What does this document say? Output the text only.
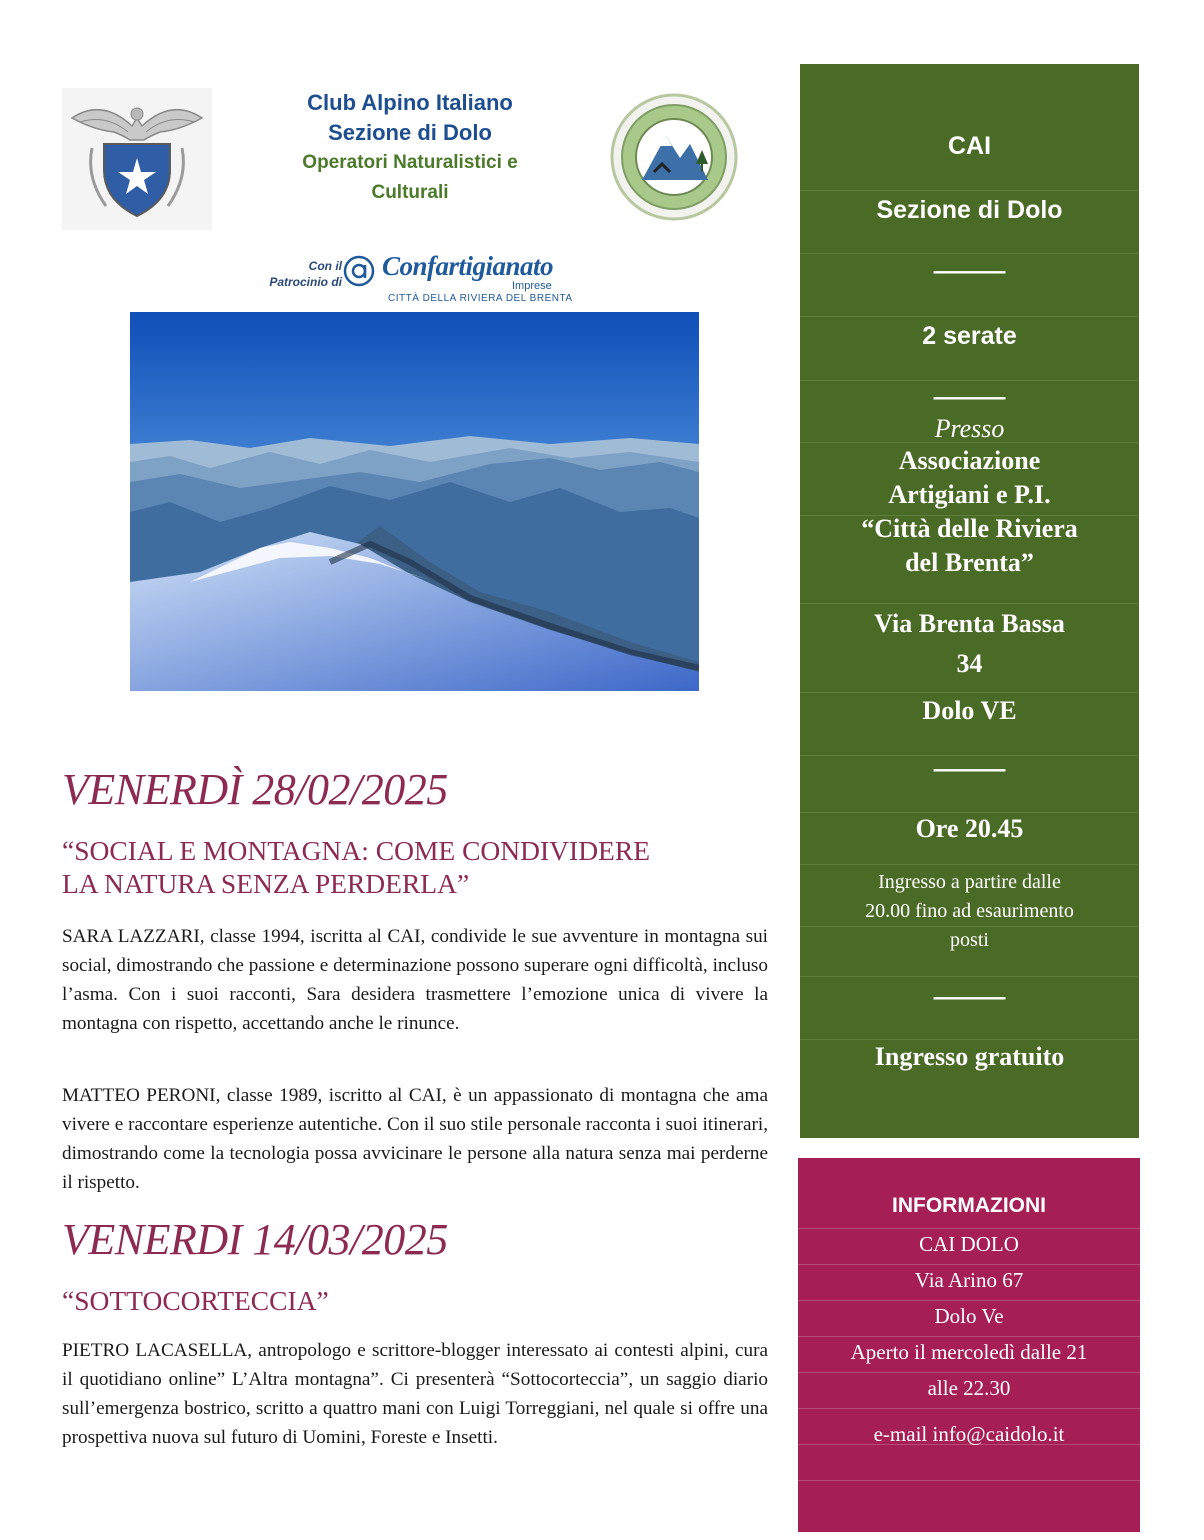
Club Alpino Italiano
Sezione di Dolo
Operatori Naturalistici e
Culturali
Con il
Patrocinio di
Confartigianato
Imprese
CITTÀ DELLA RIVIERA DEL BRENTA
VENERDÌ 28/02/2025
“SOCIAL E MONTAGNA: COME CONDIVIDERE
LA NATURA SENZA PERDERLA”

SARA LAZZARI, classe 1994, iscritta al CAI, condivide le sue avventure in montagna sui social, dimostrando che passione e determinazione possono superare ogni difficoltà, incluso l’asma. Con i suoi racconti, Sara desidera trasmettere l’emozione unica di vivere la montagna con rispetto, accettando anche le rinunce.

MATTEO PERONI, classe 1989, iscritto al CAI, è un appassionato di montagna che ama vivere e raccontare esperienze autentiche. Con il suo stile personale racconta i suoi itinerari, dimostrando come la tecnologia possa avvicinare le persone alla natura senza mai perderne il rispetto.

VENERDI 14/03/2025
“SOTTOCORTECCIA”

PIETRO LACASELLA, antropologo e scrittore-blogger interessato ai contesti alpini, cura il quotidiano online” L’Altra montagna”. Ci presenterà “Sottocorteccia”, un saggio diario sull’emergenza bostrico, scritto a quattro mani con Luigi Torreggiani, nel quale si offre una prospettiva nuova sul futuro di Uomini, Foreste e Insetti.

CAI

Sezione di Dolo

———

2 serate

———

Presso

Associazione
Artigiani e P.I.
“Città delle Riviera
del Brenta”

Via Brenta Bassa
34

Dolo VE

———

Ore 20.45

Ingresso a partire dalle
20.00 fino ad esaurimento
posti

———

Ingresso gratuito

INFORMAZIONI

CAI DOLO

Via Arino 67

Dolo Ve

Aperto il mercoledì dalle 21

alle 22.30

e-mail info@caidolo.it
